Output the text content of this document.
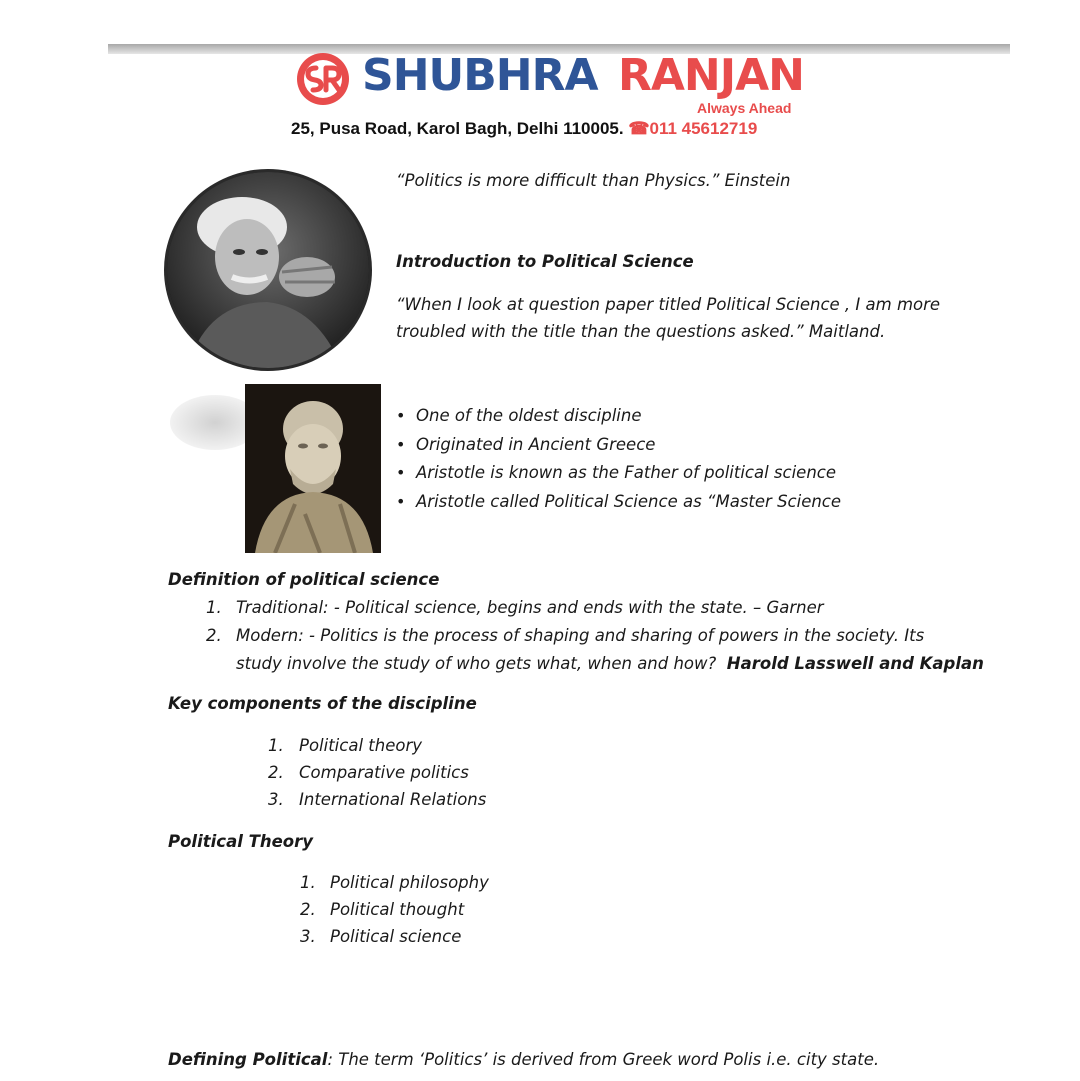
SHUBHRA RANJAN
Always Ahead
25, Pusa Road, Karol Bagh, Delhi 110005. ☎011 45612719
“Politics is more difficult than Physics.” Einstein
Introduction to Political Science
“When I look at question paper titled Political Science , I am more
troubled with the title than the questions asked.” Maitland.
• One of the oldest discipline
• Originated in Ancient Greece
• Aristotle is known as the Father of political science
• Aristotle called Political Science as “Master Science
Definition of political science
1. Traditional: - Political science, begins and ends with the state. – Garner
2. Modern: - Politics is the process of shaping and sharing of powers in the society. Its
study involve the study of who gets what, when and how? Harold Lasswell and Kaplan
Key components of the discipline
1. Political theory
2. Comparative politics
3. International Relations
Political Theory
1. Political philosophy
2. Political thought
3. Political science
Defining Political: The term ‘Politics’ is derived from Greek word Polis i.e. city state.
